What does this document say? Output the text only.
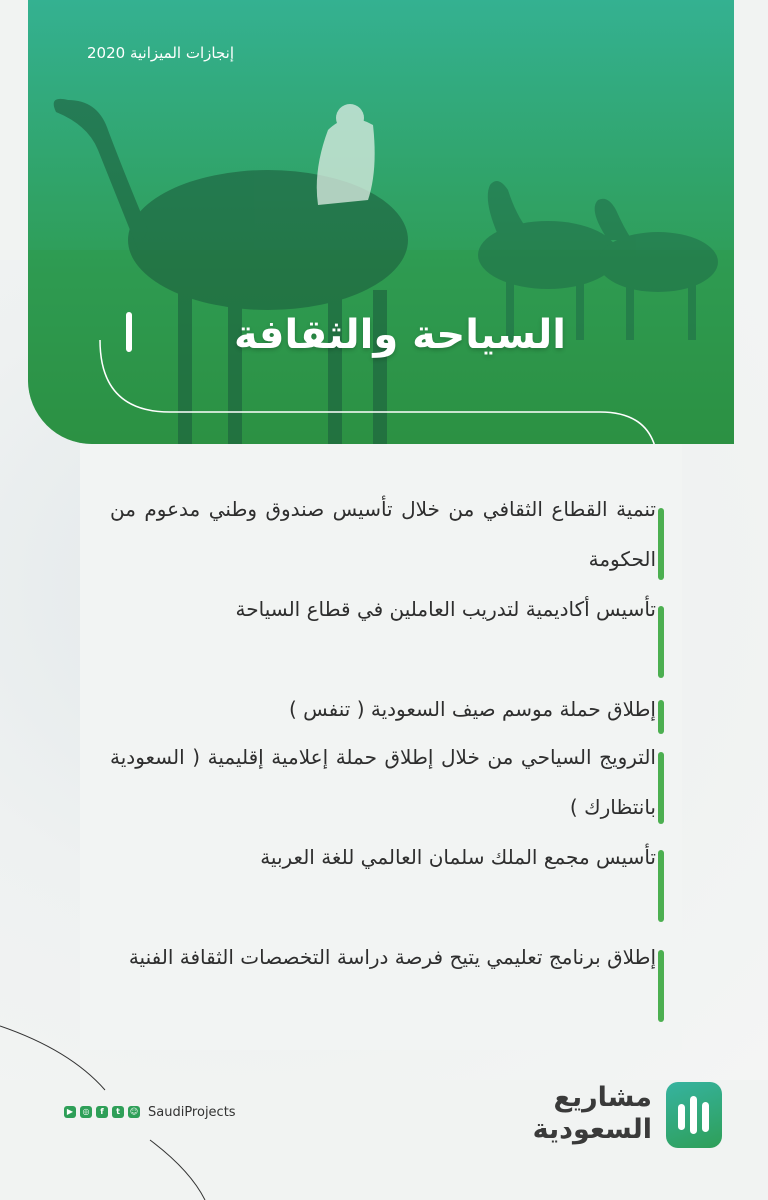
إنجازات الميزانية 2020
السياحة والثقافة
تنمية القطاع الثقافي من خلال تأسيس صندوق وطني مدعوم من الحكومة
تأسيس أكاديمية لتدريب العاملين في قطاع السياحة
إطلاق حملة موسم صيف السعودية ( تنفس )
الترويج السياحي من خلال إطلاق حملة إعلامية إقليمية ( السعودية بانتظارك )
تأسيس مجمع الملك سلمان العالمي للغة العربية
إطلاق برنامج تعليمي يتيح فرصة دراسة التخصصات الثقافة الفنية
▶	◎	f	t	☺ SaudiProjects	مشاريع
السعودية
